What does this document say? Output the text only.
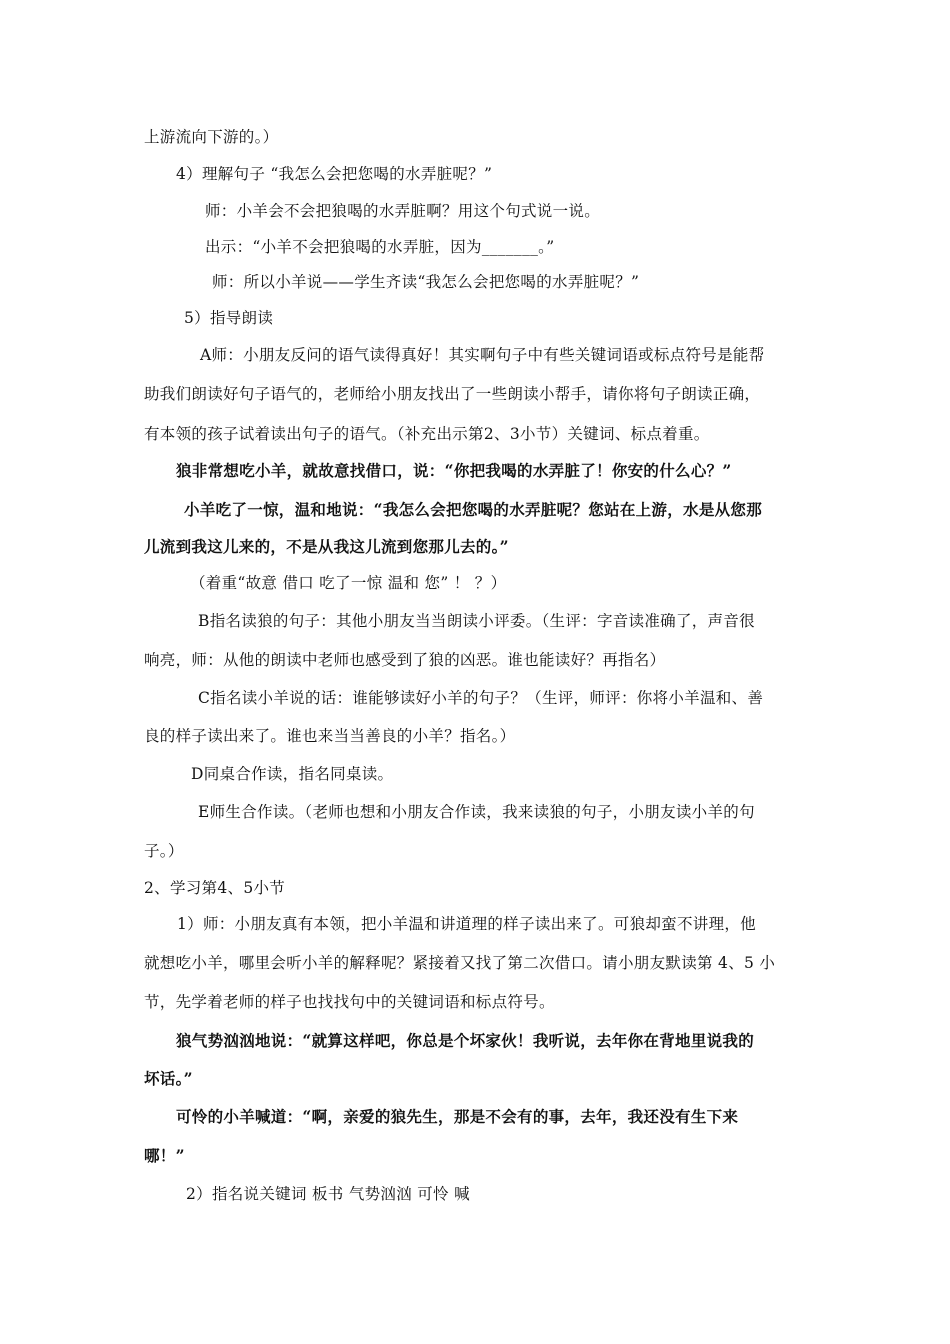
上游流向下游的。）
4）理解句子 “我怎么会把您喝的水弄脏呢？”
师：小羊会不会把狼喝的水弄脏啊？用这个句式说一说。
出示：“小羊不会把狼喝的水弄脏，因为_______。”
师：所以小羊说——学生齐读“我怎么会把您喝的水弄脏呢？”
5）指导朗读
A师：小朋友反问的语气读得真好！其实啊句子中有些关键词语或标点符号是能帮
助我们朗读好句子语气的，老师给小朋友找出了一些朗读小帮手，请你将句子朗读正确，
有本领的孩子试着读出句子的语气。（补充出示第2、3小节）关键词、标点着重。
狼非常想吃小羊，就故意找借口，说：“你把我喝的水弄脏了！你安的什么心？”
小羊吃了一惊，温和地说：“我怎么会把您喝的水弄脏呢？您站在上游，水是从您那
儿流到我这儿来的，不是从我这儿流到您那儿去的。”
（着重“故意 借口 吃了一惊 温和 您” ！ ？）
B指名读狼的句子：其他小朋友当当朗读小评委。（生评：字音读准确了，声音很
响亮，师：从他的朗读中老师也感受到了狼的凶恶。谁也能读好？再指名）
C指名读小羊说的话：谁能够读好小羊的句子？（生评，师评：你将小羊温和、善
良的样子读出来了。谁也来当当善良的小羊？指名。）
D同桌合作读，指名同桌读。
E师生合作读。（老师也想和小朋友合作读，我来读狼的句子，小朋友读小羊的句
子。）
2、学习第4、5小节
1）师：小朋友真有本领，把小羊温和讲道理的样子读出来了。可狼却蛮不讲理，他
就想吃小羊，哪里会听小羊的解释呢？紧接着又找了第二次借口。请小朋友默读第 4、5 小
节，先学着老师的样子也找找句中的关键词语和标点符号。
狼气势汹汹地说：“就算这样吧，你总是个坏家伙！我听说，去年你在背地里说我的
坏话。”
可怜的小羊喊道：“啊，亲爱的狼先生，那是不会有的事，去年，我还没有生下来
哪！”
2）指名说关键词 板书 气势汹汹 可怜 喊
